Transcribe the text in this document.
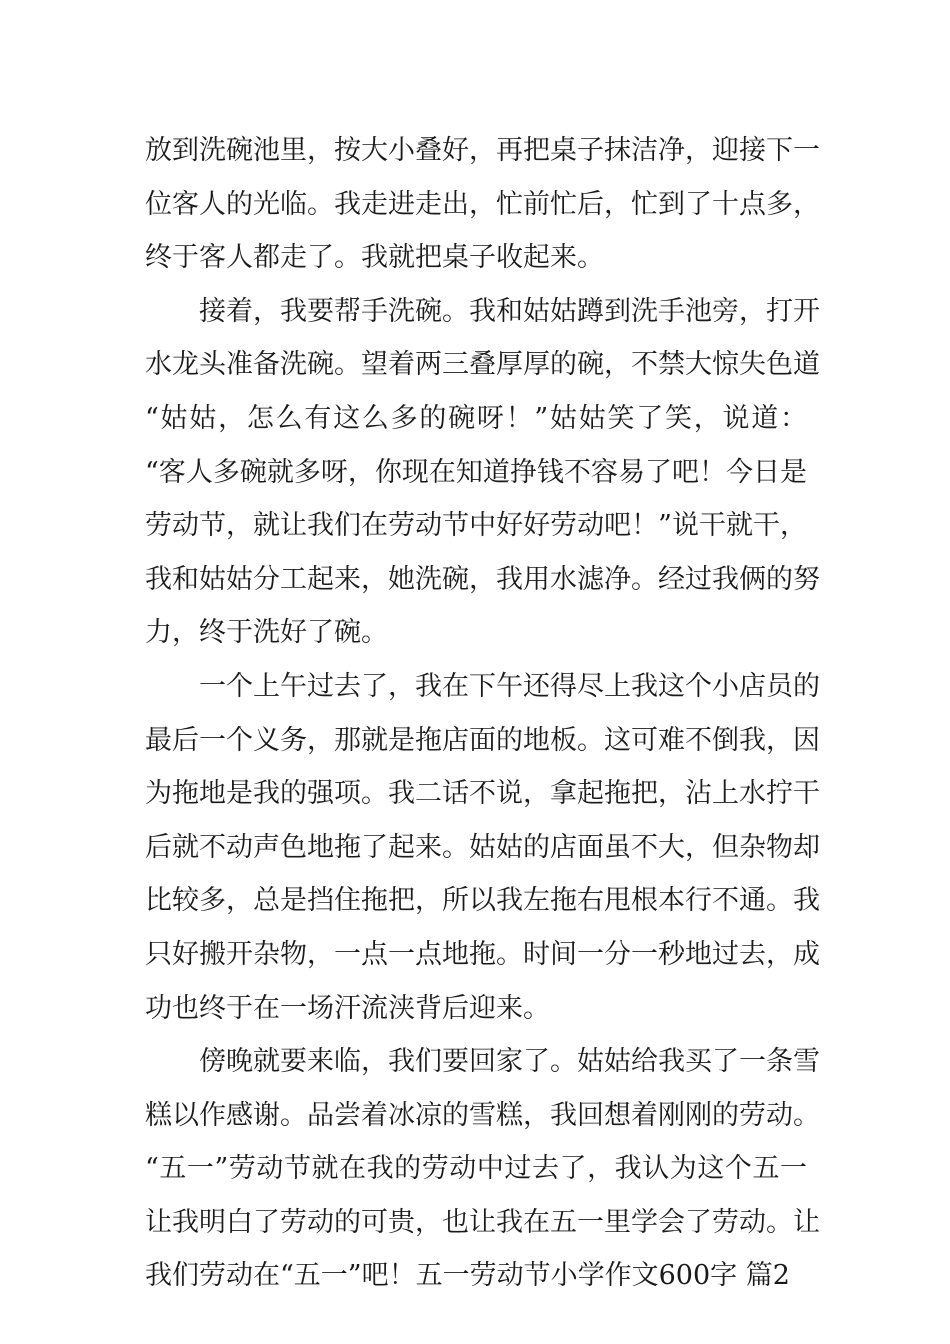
放到洗碗池里，按大小叠好，再把桌子抹洁净，迎接下一
位客人的光临。我走进走出，忙前忙后，忙到了十点多，
终于客人都走了。我就把桌子收起来。
接着，我要帮手洗碗。我和姑姑蹲到洗手池旁，打开
水龙头准备洗碗。望着两三叠厚厚的碗，不禁大惊失色道
“姑姑，怎么有这么多的碗呀！”姑姑笑了笑，说道：
“客人多碗就多呀，你现在知道挣钱不容易了吧！今日是
劳动节，就让我们在劳动节中好好劳动吧！”说干就干，
我和姑姑分工起来，她洗碗，我用水滤净。经过我俩的努
力，终于洗好了碗。
一个上午过去了，我在下午还得尽上我这个小店员的
最后一个义务，那就是拖店面的地板。这可难不倒我，因
为拖地是我的强项。我二话不说，拿起拖把，沾上水拧干
后就不动声色地拖了起来。姑姑的店面虽不大，但杂物却
比较多，总是挡住拖把，所以我左拖右甩根本行不通。我
只好搬开杂物，一点一点地拖。时间一分一秒地过去，成
功也终于在一场汗流浃背后迎来。
傍晚就要来临，我们要回家了。姑姑给我买了一条雪
糕以作感谢。品尝着冰凉的雪糕，我回想着刚刚的劳动。
“五一”劳动节就在我的劳动中过去了，我认为这个五一
让我明白了劳动的可贵，也让我在五一里学会了劳动。让
我们劳动在“五一”吧！五一劳动节小学作文600字 篇2
